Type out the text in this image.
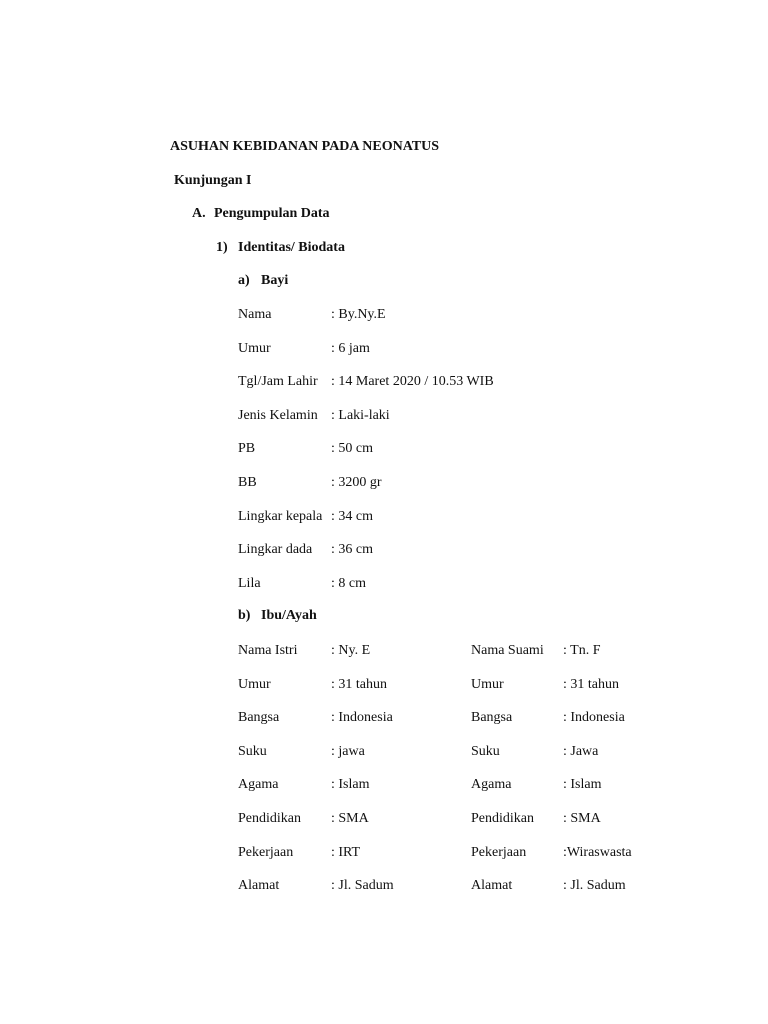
ASUHAN KEBIDANAN PADA NEONATUS
Kunjungan I
A. Pengumpulan Data
1) Identitas/ Biodata
a) Bayi
Nama	: By.Ny.E
Umur	: 6 jam
Tgl/Jam Lahir : 14 Maret 2020 / 10.53 WIB
Jenis Kelamin : Laki-laki
PB	: 50 cm
BB	: 3200 gr
Lingkar kepala : 34 cm
Lingkar dada : 36 cm
Lila	: 8 cm
b) Ibu/Ayah
Nama Istri : Ny. E	Nama Suami : Tn. F
Umur	: 31 tahun	Umur	: 31 tahun
Bangsa	: Indonesia	Bangsa	: Indonesia
Suku	: jawa	Suku	: Jawa
Agama	: Islam	Agama	: Islam
Pendidikan : SMA	Pendidikan : SMA
Pekerjaan	: IRT	Pekerjaan	:Wiraswasta
Alamat	: Jl. Sadum	Alamat	: Jl. Sadum
